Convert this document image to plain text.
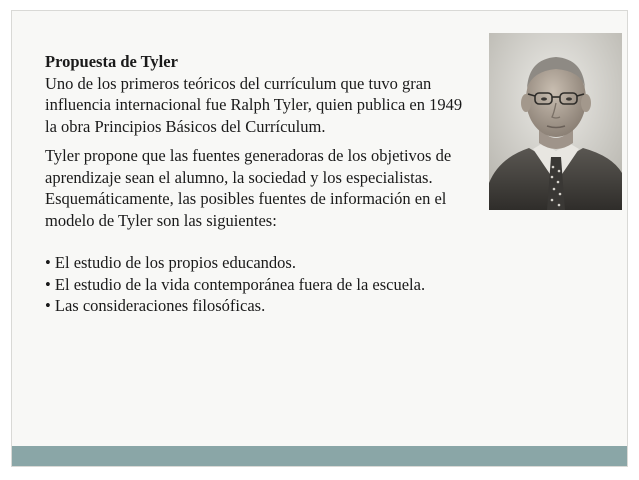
Propuesta de Tyler

Uno de los primeros teóricos del currículum que tuvo gran influencia internacional fue Ralph Tyler, quien publica en 1949 la obra Principios Básicos del Currículum.

Tyler propone que las fuentes generadoras de los objetivos de aprendizaje sean el alumno, la sociedad y los especialistas.

Esquemáticamente, las posibles fuentes de información en el modelo de Tyler son las siguientes:

• El estudio de los propios educandos.

• El estudio de la vida contemporánea fuera de la escuela.

• Las consideraciones filosóficas.
